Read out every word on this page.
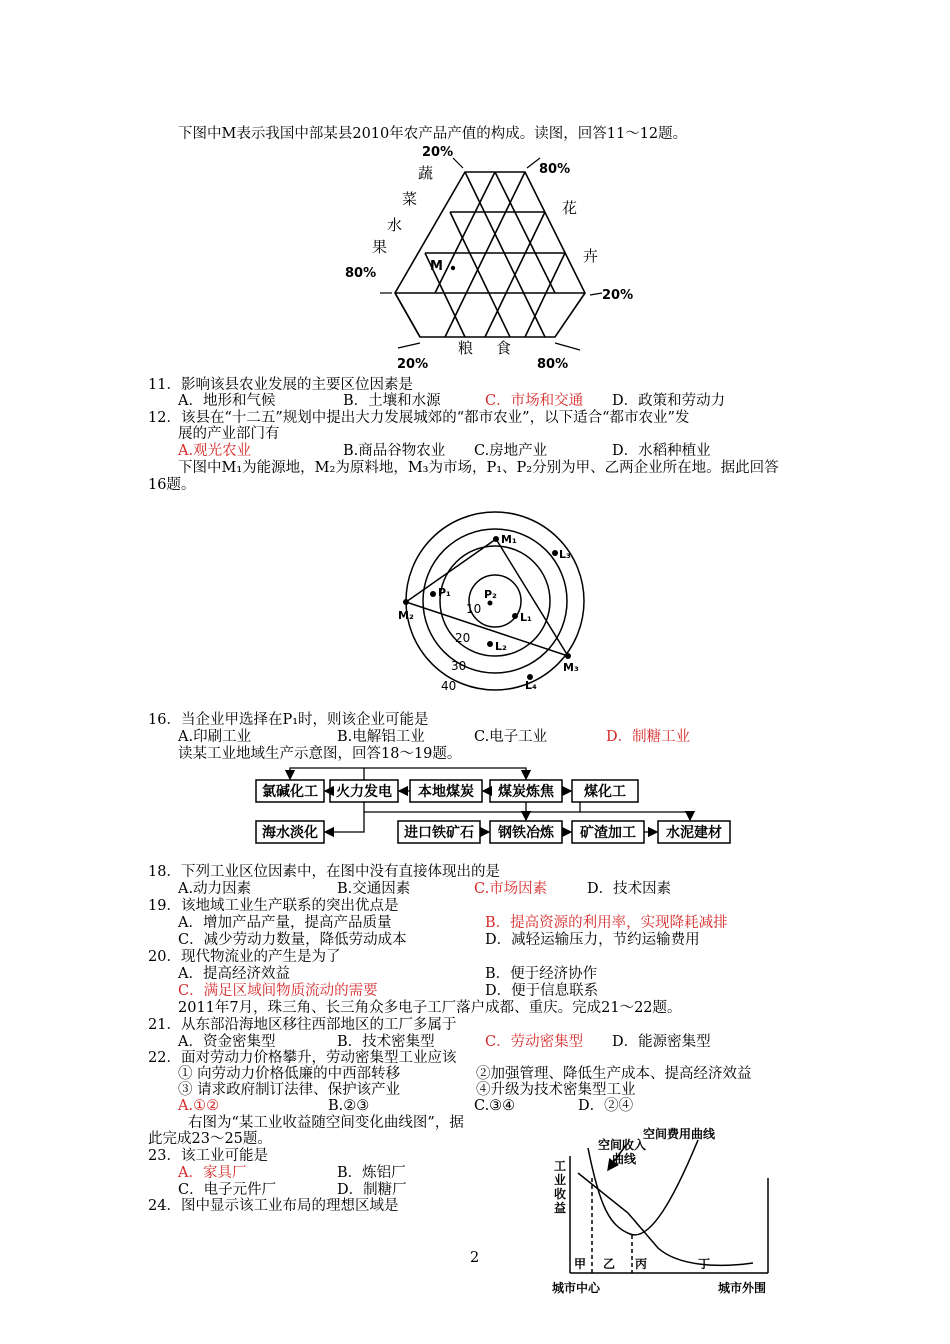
下图中M表示我国中部某县2010年农产品产值的构成。读图，回答11～12题。
M
20%
80%
20%
80%
20%	80%
蔬
菜
水
果
花
卉
粮 食
11．影响该县农业发展的主要区位因素是
A．地形和气候	B．土壤和水源	C．市场和交通 D．政策和劳动力
12．该县在“十二五”规划中提出大力发展城郊的“都市农业”，以下适合“都市农业”发
展的产业部门有
A.观光农业	B.商品谷物农业 C.房地产业	D．水稻种植业
下图中M₁为能源地，M₂为原料地，M₃为市场，P₁、P₂分别为甲、乙两企业所在地。据此回答
16题。
M₁
M₂
M₃
P₁	P₂
L₁
L₂
L₃
L₄
10
20
30
40
16．当企业甲选择在P₁时，则该企业可能是
A.印刷工业	B.电解铝工业	C.电子工业	D．制糖工业
读某工业地域生产示意图，回答18～19题。
氯碱化工 火力发电 本地煤炭 煤炭炼焦 煤化工
海水淡化	进口铁矿石 钢铁冶炼 矿渣加工 水泥建材
18．下列工业区位因素中，在图中没有直接体现出的是
A.动力因素	B.交通因素	C.市场因素	D．技术因素
19．该地域工业生产联系的突出优点是
A．增加产品产量，提高产品质量	B．提高资源的利用率，实现降耗减排
C．减少劳动力数量，降低劳动成本	D．减轻运输压力，节约运输费用
20．现代物流业的产生是为了
A．提高经济效益	B．便于经济协作
C．满足区域间物质流动的需要	D．便于信息联系
2011年7月，珠三角、长三角众多电子工厂落户成都、重庆。完成21～22题。
21．从东部沿海地区移往西部地区的工厂多属于
A．资金密集型	B．技术密集型	C．劳动密集型 D．能源密集型
22．面对劳动力价格攀升，劳动密集型工业应该
① 向劳动力价格低廉的中西部转移	②加强管理、降低生产成本、提高经济效益
③ 请求政府制订法律、保护该产业	④升级为技术密集型工业
A.①②	B.②③	C.③④	D．②④
右图为“某工业收益随空间变化曲线图”，据
此完成23～25题。
23．该工业可能是
A．家具厂	B．炼铝厂
C．电子元件厂	D．制糖厂
24．图中显示该工业布局的理想区域是
空间费用曲线
空间收入
曲线
工
业
收
益
甲 乙 丙	丁
城市中心	城市外围
2
